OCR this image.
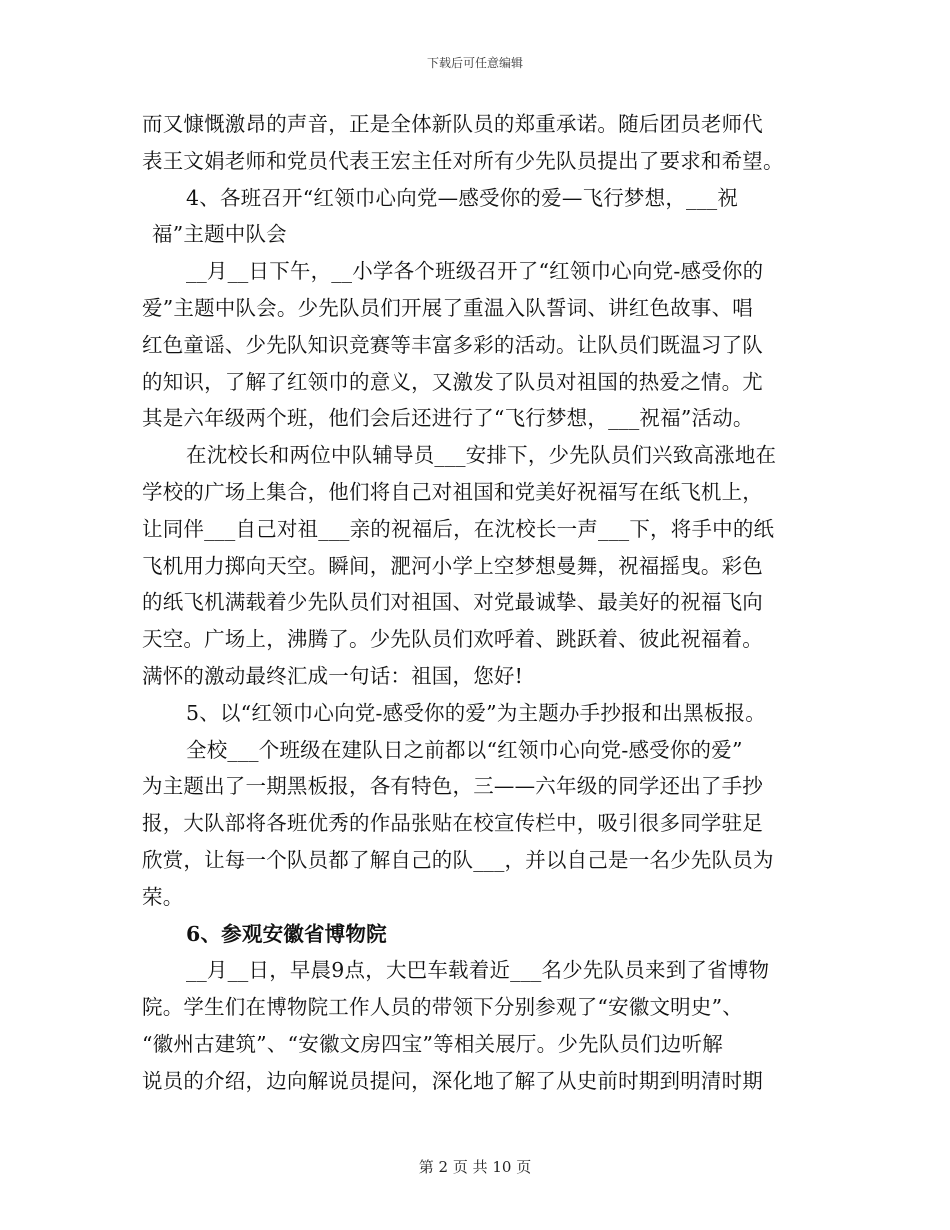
下载后可任意编辑
而又慷慨激昂的声音，正是全体新队员的郑重承诺。随后团员老师代
表王文娟老师和党员代表王宏主任对所有少先队员提出了要求和希望。
4、各班召开“红领巾心向党—感受你的爱—飞行梦想，___祝
福”主题中队会
__月__日下午，__小学各个班级召开了“红领巾心向党-感受你的
爱”主题中队会。少先队员们开展了重温入队誓词、讲红色故事、唱
红色童谣、少先队知识竞赛等丰富多彩的活动。让队员们既温习了队
的知识，了解了红领巾的意义，又激发了队员对祖国的热爱之情。尤
其是六年级两个班，他们会后还进行了“飞行梦想，___祝福”活动。
在沈校长和两位中队辅导员___安排下，少先队员们兴致高涨地在
学校的广场上集合，他们将自己对祖国和党美好祝福写在纸飞机上，
让同伴___自己对祖___亲的祝福后，在沈校长一声___下，将手中的纸
飞机用力掷向天空。瞬间，淝河小学上空梦想曼舞，祝福摇曳。彩色
的纸飞机满载着少先队员们对祖国、对党最诚挚、最美好的祝福飞向
天空。广场上，沸腾了。少先队员们欢呼着、跳跃着、彼此祝福着。
满怀的激动最终汇成一句话：祖国，您好!
5、以“红领巾心向党-感受你的爱”为主题办手抄报和出黑板报。
全校___个班级在建队日之前都以“红领巾心向党-感受你的爱”
为主题出了一期黑板报，各有特色，三——六年级的同学还出了手抄
报，大队部将各班优秀的作品张贴在校宣传栏中，吸引很多同学驻足
欣赏，让每一个队员都了解自己的队___，并以自己是一名少先队员为
荣。
6、参观安徽省博物院
__月__日，早晨9点，大巴车载着近___名少先队员来到了省博物
院。学生们在博物院工作人员的带领下分别参观了“安徽文明史”、
“徽州古建筑”、“安徽文房四宝”等相关展厅。少先队员们边听解
说员的介绍，边向解说员提问，深化地了解了从史前时期到明清时期
第 2 页 共 10 页
